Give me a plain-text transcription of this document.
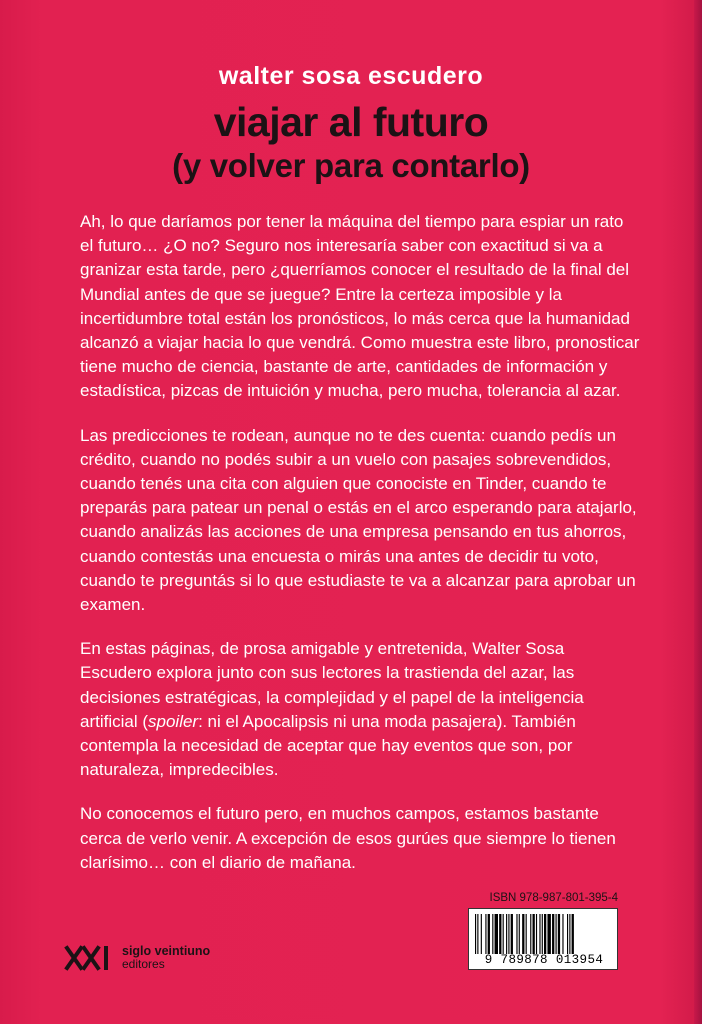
walter sosa escudero
viajar al futuro
(y volver para contarlo)

Ah, lo que daríamos por tener la máquina del tiempo para espiar un rato el futuro… ¿O no? Seguro nos interesaría saber con exactitud si va a granizar esta tarde, pero ¿querríamos conocer el resultado de la final del Mundial antes de que se juegue? Entre la certeza imposible y la incertidumbre total están los pronósticos, lo más cerca que la humanidad alcanzó a viajar hacia lo que vendrá. Como muestra este libro, pronosticar tiene mucho de ciencia, bastante de arte, cantidades de información y estadística, pizcas de intuición y mucha, pero mucha, tolerancia al azar.

Las predicciones te rodean, aunque no te des cuenta: cuando pedís un crédito, cuando no podés subir a un vuelo con pasajes sobrevendidos, cuando tenés una cita con alguien que conociste en Tinder, cuando te preparás para patear un penal o estás en el arco esperando para atajarlo, cuando analizás las acciones de una empresa pensando en tus ahorros, cuando contestás una encuesta o mirás una antes de decidir tu voto, cuando te preguntás si lo que estudiaste te va a alcanzar para aprobar un examen.

En estas páginas, de prosa amigable y entretenida, Walter Sosa Escudero explora junto con sus lectores la trastienda del azar, las decisiones estratégicas, la complejidad y el papel de la inteligencia artificial (spoiler: ni el Apocalipsis ni una moda pasajera). También contempla la necesidad de aceptar que hay eventos que son, por naturaleza, impredecibles.

No conocemos el futuro pero, en muchos campos, estamos bastante cerca de verlo venir. A excepción de esos gurúes que siempre lo tienen clarísimo… con el diario de mañana.

siglo veintiuno
editores
ISBN 978-987-801-395-4
9 789878 013954
